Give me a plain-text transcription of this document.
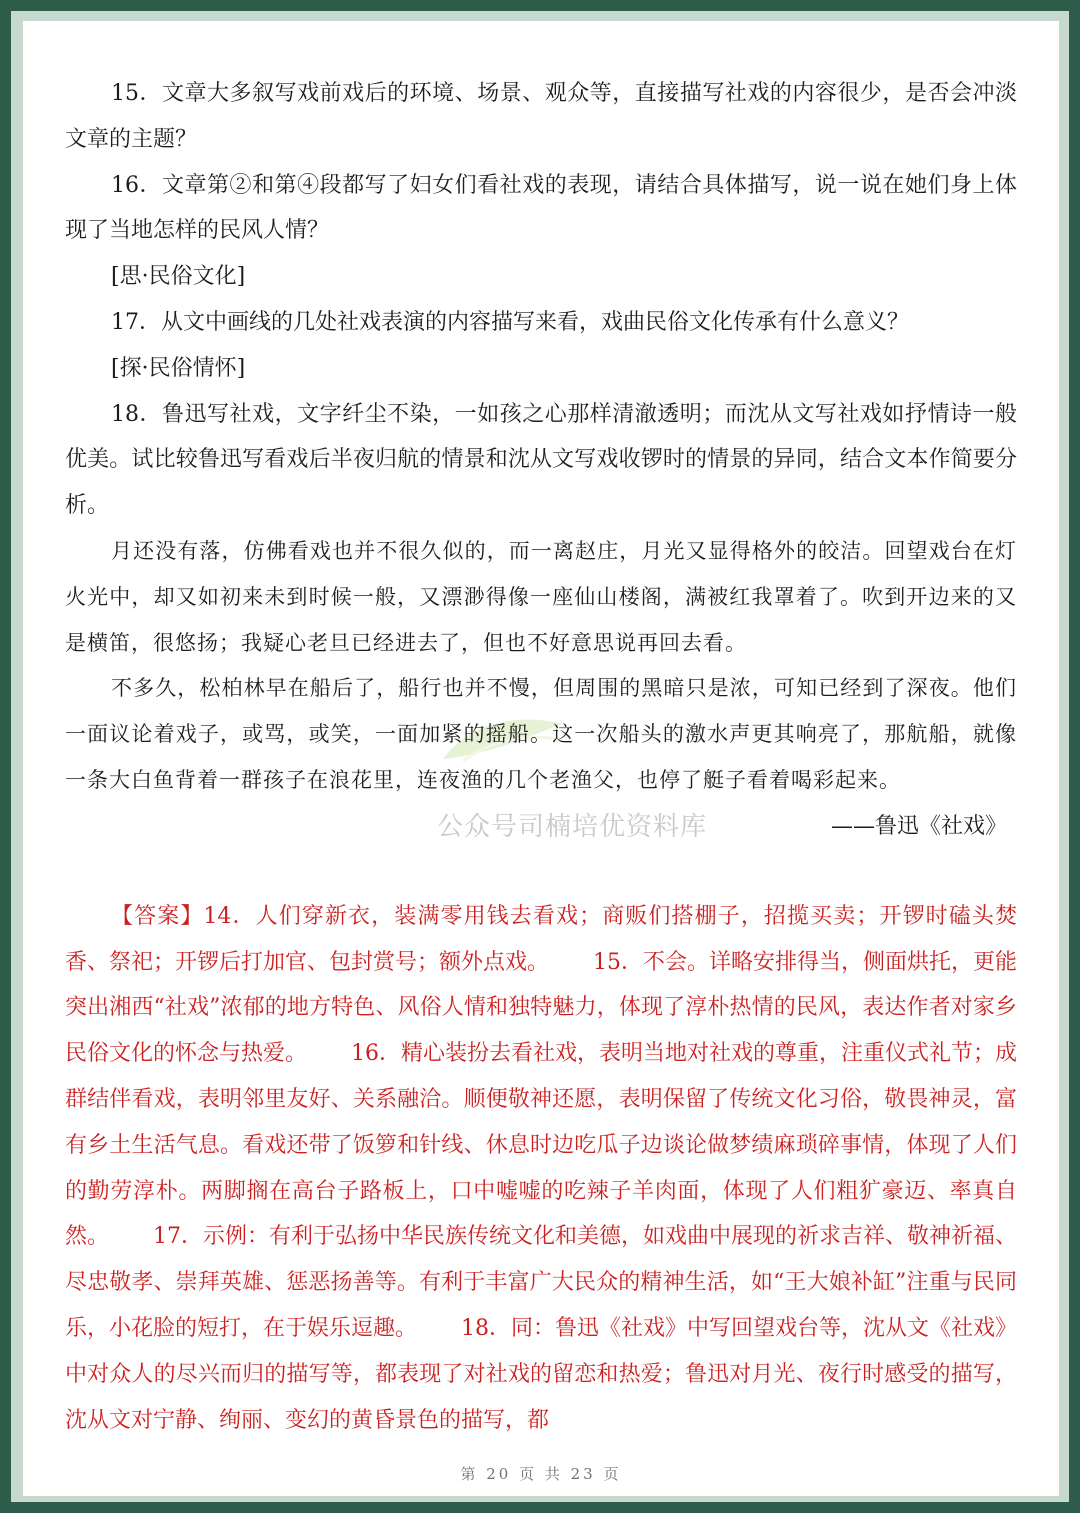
15．文章大多叙写戏前戏后的环境、场景、观众等，直接描写社戏的内容很少，是否会冲淡文章的主题？

16．文章第②和第④段都写了妇女们看社戏的表现，请结合具体描写，说一说在她们身上体现了当地怎样的民风人情？

[思·民俗文化]

17．从文中画线的几处社戏表演的内容描写来看，戏曲民俗文化传承有什么意义？

[探·民俗情怀]

18．鲁迅写社戏，文字纤尘不染，一如孩之心那样清澈透明；而沈从文写社戏如抒情诗一般优美。试比较鲁迅写看戏后半夜归航的情景和沈从文写戏收锣时的情景的异同，结合文本作简要分析。

月还没有落，仿佛看戏也并不很久似的，而一离赵庄，月光又显得格外的皎洁。回望戏台在灯火光中，却又如初来未到时候一般，又漂渺得像一座仙山楼阁，满被红我罩着了。吹到开边来的又是横笛，很悠扬；我疑心老旦已经进去了，但也不好意思说再回去看。

不多久，松柏林早在船后了，船行也并不慢，但周围的黑暗只是浓，可知已经到了深夜。他们一面议论着戏子，或骂，或笑，一面加紧的摇船。这一次船头的激水声更其响亮了，那航船，就像一条大白鱼背着一群孩子在浪花里，连夜渔的几个老渔父，也停了艇子看着喝彩起来。

公众号司楠培优资料库	——鲁迅《社戏》
【答案】14．人们穿新衣，装满零用钱去看戏；商贩们搭棚子，招揽买卖；开锣时磕头焚香、祭祀；开锣后打加官、包封赏号；额外点戏。 15．不会。详略安排得当，侧面烘托，更能突出湘西“社戏”浓郁的地方特色、风俗人情和独特魅力，体现了淳朴热情的民风，表达作者对家乡民俗文化的怀念与热爱。 16．精心装扮去看社戏，表明当地对社戏的尊重，注重仪式礼节；成群结伴看戏，表明邻里友好、关系融洽。顺便敬神还愿，表明保留了传统文化习俗，敬畏神灵，富有乡土生活气息。看戏还带了饭箩和针线、休息时边吃瓜子边谈论做梦绩麻琐碎事情，体现了人们的勤劳淳朴。两脚搁在高台子路板上，口中嘘嘘的吃辣子羊肉面，体现了人们粗犷豪迈、率真自然。 17．示例：有利于弘扬中华民族传统文化和美德，如戏曲中展现的祈求吉祥、敬神祈福、尽忠敬孝、崇拜英雄、惩恶扬善等。有利于丰富广大民众的精神生活，如“王大娘补缸”注重与民同乐，小花脸的短打，在于娱乐逗趣。 18．同：鲁迅《社戏》中写回望戏台等，沈从文《社戏》中对众人的尽兴而归的描写等，都表现了对社戏的留恋和热爱；鲁迅对月光、夜行时感受的描写，沈从文对宁静、绚丽、变幻的黄昏景色的描写，都
第 20 页 共 23 页
